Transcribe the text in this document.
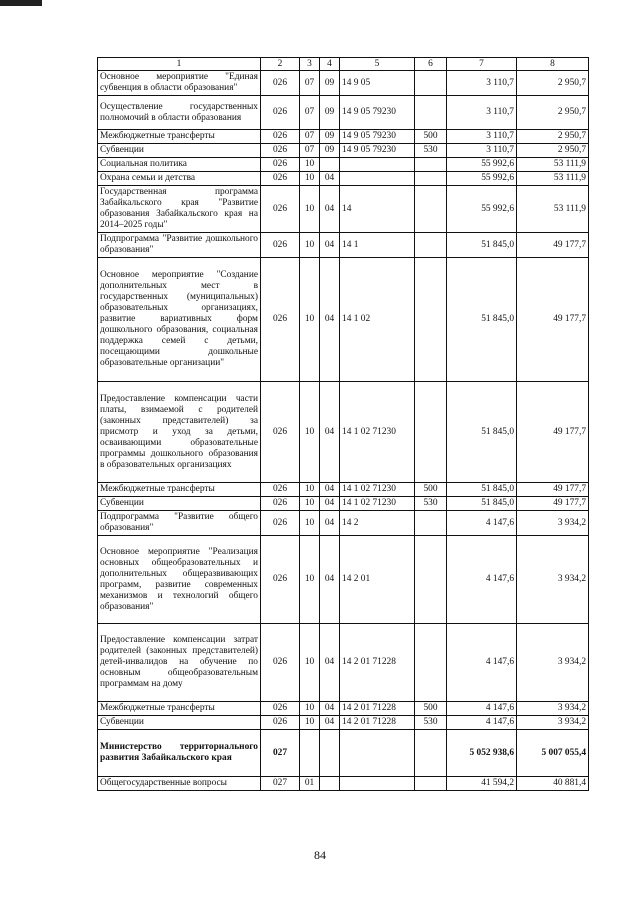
1	2	3	4	5	6	7	8
Основное мероприятие "Единая субвенция в области образования"	026	07	09	14 9 05		3 110,7	2 950,7
Осуществление государственных полномочий в области образования	026	07	09	14 9 05 79230		3 110,7	2 950,7
Межбюджетные трансферты	026	07	09	14 9 05 79230	500	3 110,7	2 950,7
Субвенции	026	07	09	14 9 05 79230	530	3 110,7	2 950,7
Социальная политика	026	10				55 992,6	53 111,9
Охрана семьи и детства	026	10	04			55 992,6	53 111,9
Государственная программа Забайкальского края "Развитие образования Забайкальского края на 2014–2025 годы"	026	10	04	14		55 992,6	53 111,9
Подпрограмма "Развитие дошкольного образования"	026	10	04	14 1		51 845,0	49 177,7
Основное мероприятие "Создание дополнительных мест в государственных (муниципальных) образовательных организациях, развитие вариативных форм дошкольного образования, социальная поддержка семей с детьми, посещающими дошкольные образовательные организации"	026	10	04	14 1 02		51 845,0	49 177,7
Предоставление компенсации части платы, взимаемой с родителей (законных представителей) за присмотр и уход за детьми, осваивающими образовательные программы дошкольного образования в образовательных организациях	026	10	04	14 1 02 71230		51 845,0	49 177,7
Межбюджетные трансферты	026	10	04	14 1 02 71230	500	51 845,0	49 177,7
Субвенции	026	10	04	14 1 02 71230	530	51 845,0	49 177,7
Подпрограмма "Развитие общего образования"	026	10	04	14 2		4 147,6	3 934,2
Основное мероприятие "Реализация основных общеобразовательных и дополнительных общеразвивающих программ, развитие современных механизмов и технологий общего образования"	026	10	04	14 2 01		4 147,6	3 934,2
Предоставление компенсации затрат родителей (законных представителей) детей-инвалидов на обучение по основным общеобразовательным программам на дому	026	10	04	14 2 01 71228		4 147,6	3 934,2
Межбюджетные трансферты	026	10	04	14 2 01 71228	500	4 147,6	3 934,2
Субвенции	026	10	04	14 2 01 71228	530	4 147,6	3 934,2
Министерство территориального развития Забайкальского края	027					5 052 938,6	5 007 055,4
Общегосударственные вопросы	027	01				41 594,2	40 881,4
84
